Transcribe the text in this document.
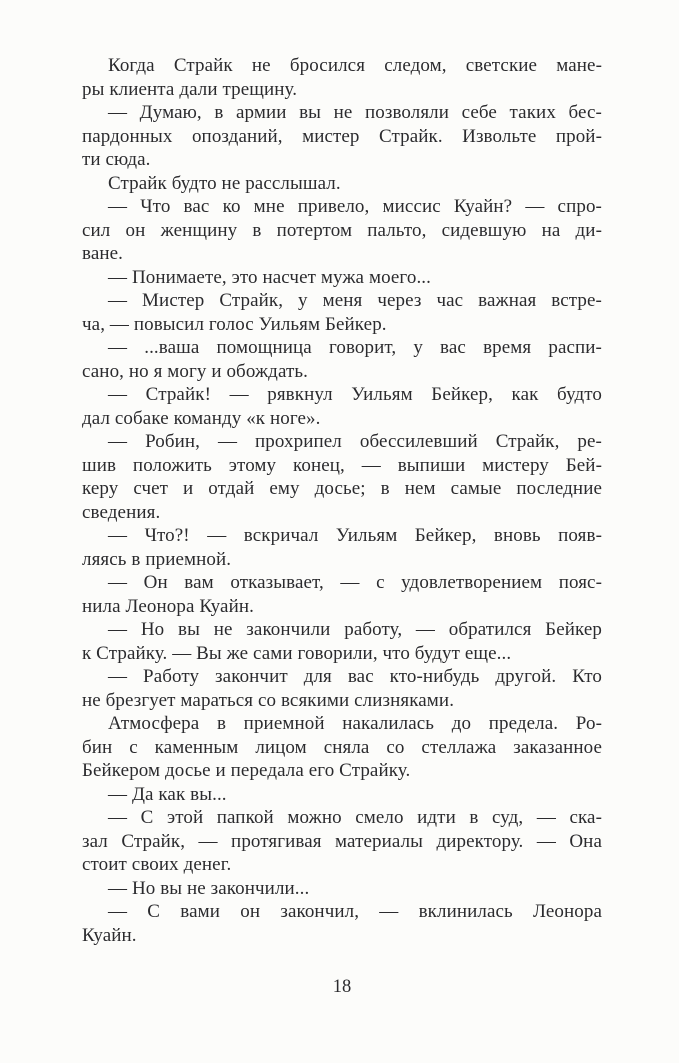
Когда Страйк не бросился следом, светские мане-
ры клиента дали трещину.
— Думаю, в армии вы не позволяли себе таких бес-
пардонных опозданий, мистер Страйк. Извольте прой-
ти сюда.
Страйк будто не расслышал.
— Что вас ко мне привело, миссис Куайн? — спро-
сил он женщину в потертом пальто, сидевшую на ди-
ване.
— Понимаете, это насчет мужа моего...
— Мистер Страйк, у меня через час важная встре-
ча, — повысил голос Уильям Бейкер.
— ...ваша помощница говорит, у вас время распи-
сано, но я могу и обождать.
— Страйк! — рявкнул Уильям Бейкер, как будто
дал собаке команду «к ноге».
— Робин, — прохрипел обессилевший Страйк, ре-
шив положить этому конец, — выпиши мистеру Бей-
керу счет и отдай ему досье; в нем самые последние
сведения.
— Что?! — вскричал Уильям Бейкер, вновь появ-
ляясь в приемной.
— Он вам отказывает, — с удовлетворением пояс-
нила Леонора Куайн.
— Но вы не закончили работу, — обратился Бейкер
к Страйку. — Вы же сами говорили, что будут еще...
— Работу закончит для вас кто-нибудь другой. Кто
не брезгует мараться со всякими слизняками.
Атмосфера в приемной накалилась до предела. Ро-
бин с каменным лицом сняла со стеллажа заказанное
Бейкером досье и передала его Страйку.
— Да как вы...
— С этой папкой можно смело идти в суд, — ска-
зал Страйк, — протягивая материалы директору. — Она
стоит своих денег.
— Но вы не закончили...
— С вами он закончил, — вклинилась Леонора
Куайн.
18
